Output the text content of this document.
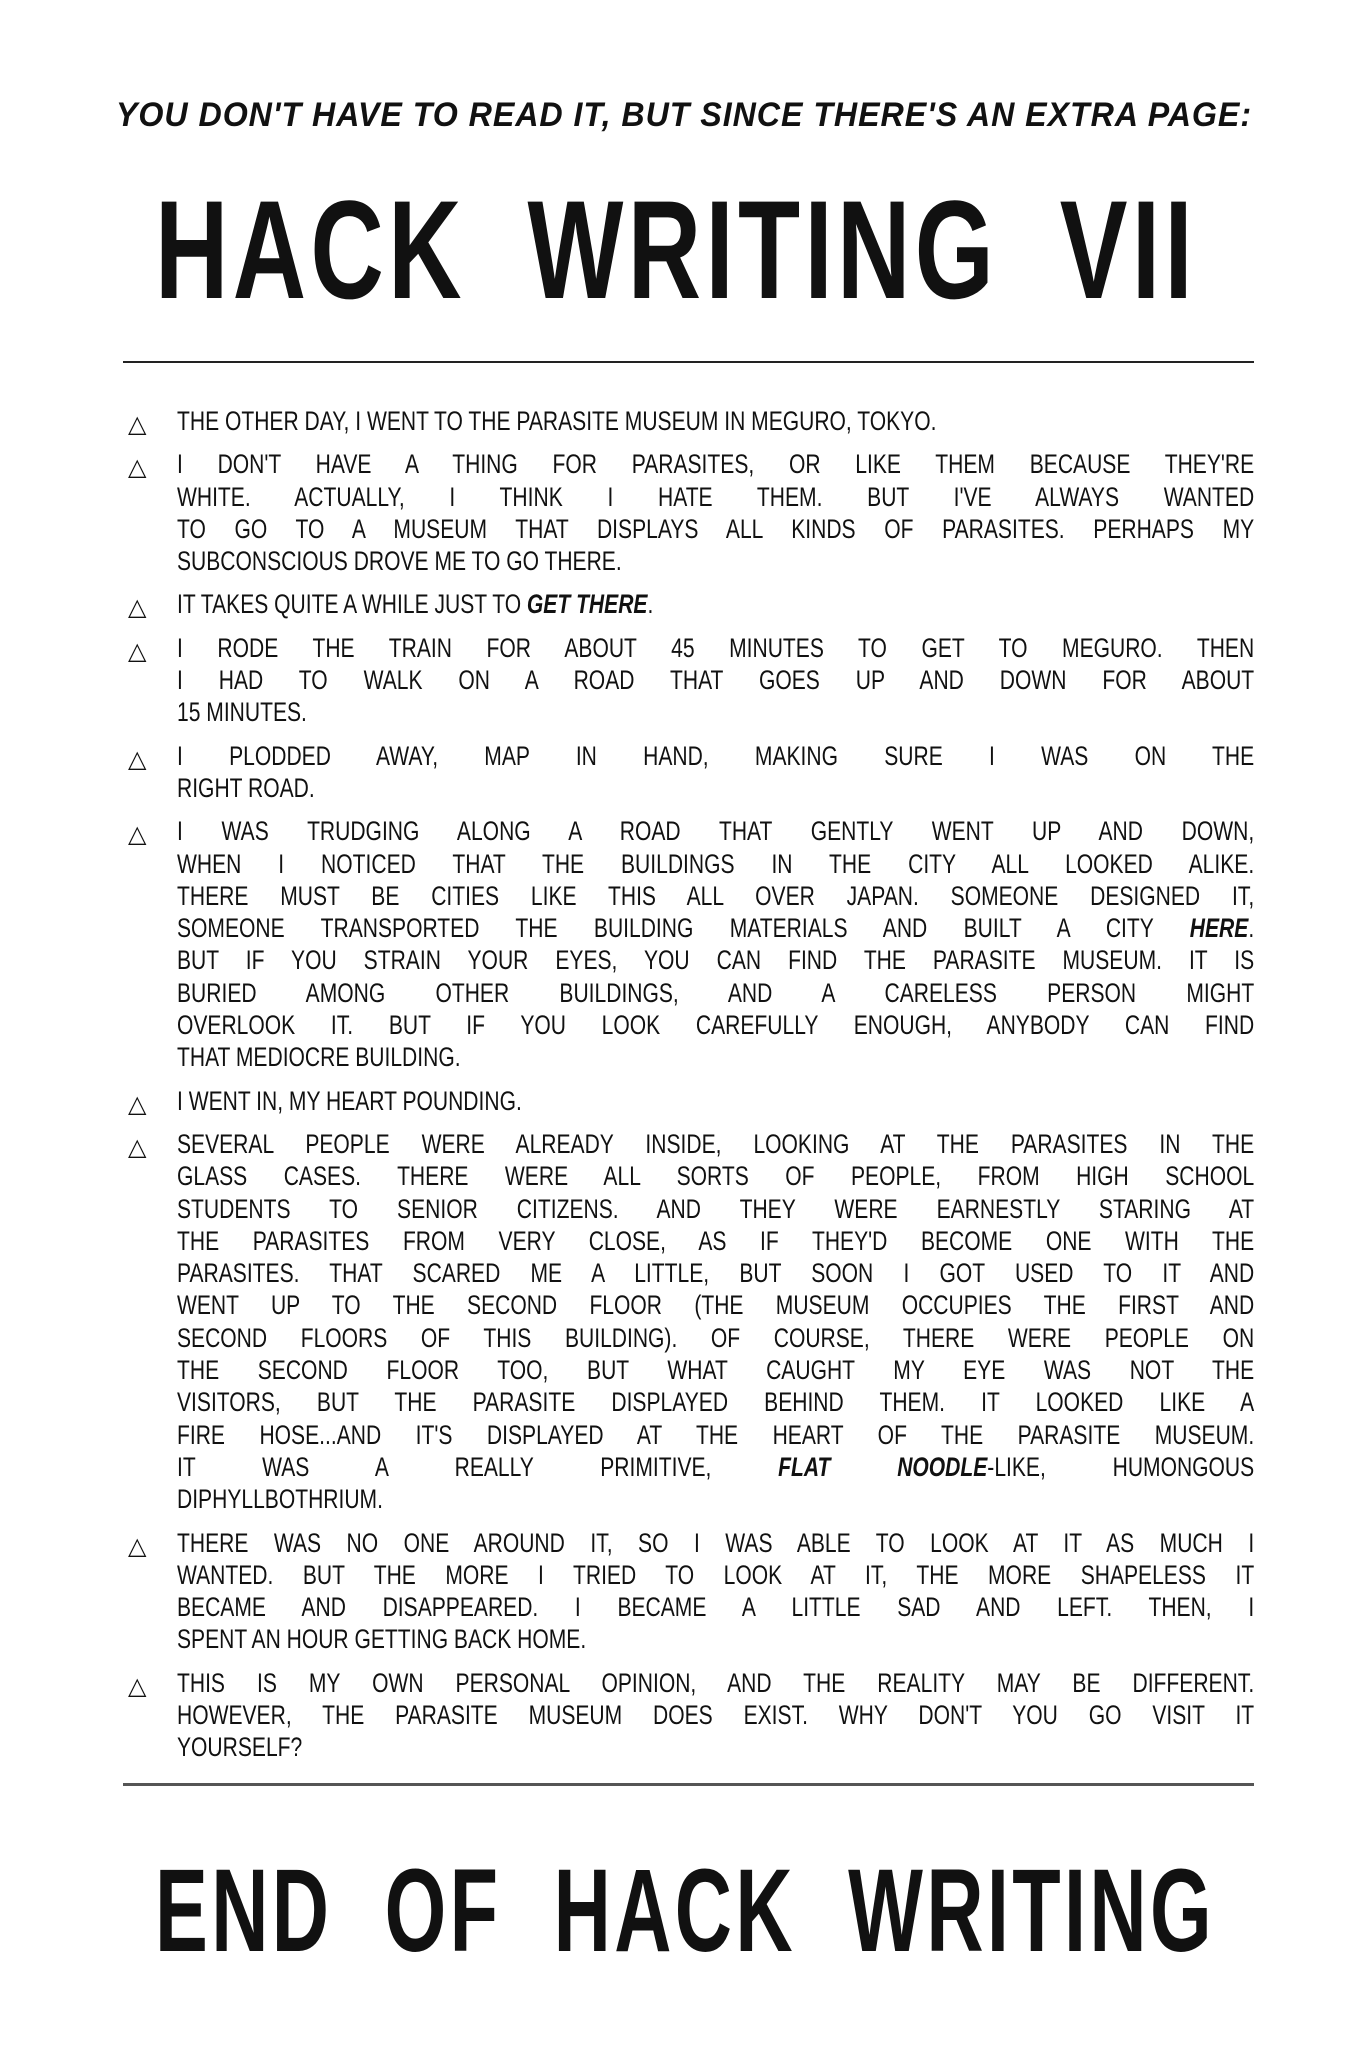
YOU DON'T HAVE TO READ IT, BUT SINCE THERE'S AN EXTRA PAGE:
HACK WRITING VII
△ THE OTHER DAY, I WENT TO THE PARASITE MUSEUM IN MEGURO, TOKYO.
△ I DON'T HAVE A THING FOR PARASITES, OR LIKE THEM BECAUSE THEY'RE
WHITE. ACTUALLY, I THINK I HATE THEM. BUT I'VE ALWAYS WANTED
TO GO TO A MUSEUM THAT DISPLAYS ALL KINDS OF PARASITES. PERHAPS MY
SUBCONSCIOUS DROVE ME TO GO THERE.
△ IT TAKES QUITE A WHILE JUST TO GET THERE.
△ I RODE THE TRAIN FOR ABOUT 45 MINUTES TO GET TO MEGURO. THEN
I HAD TO WALK ON A ROAD THAT GOES UP AND DOWN FOR ABOUT
15 MINUTES.
△ I PLODDED AWAY, MAP IN HAND, MAKING SURE I WAS ON THE
RIGHT ROAD.
△ I WAS TRUDGING ALONG A ROAD THAT GENTLY WENT UP AND DOWN,
WHEN I NOTICED THAT THE BUILDINGS IN THE CITY ALL LOOKED ALIKE.
THERE MUST BE CITIES LIKE THIS ALL OVER JAPAN. SOMEONE DESIGNED IT,
SOMEONE TRANSPORTED THE BUILDING MATERIALS AND BUILT A CITY HERE.
BUT IF YOU STRAIN YOUR EYES, YOU CAN FIND THE PARASITE MUSEUM. IT IS
BURIED AMONG OTHER BUILDINGS, AND A CARELESS PERSON MIGHT
OVERLOOK IT. BUT IF YOU LOOK CAREFULLY ENOUGH, ANYBODY CAN FIND
THAT MEDIOCRE BUILDING.
△ I WENT IN, MY HEART POUNDING.
△ SEVERAL PEOPLE WERE ALREADY INSIDE, LOOKING AT THE PARASITES IN THE
GLASS CASES. THERE WERE ALL SORTS OF PEOPLE, FROM HIGH SCHOOL
STUDENTS TO SENIOR CITIZENS. AND THEY WERE EARNESTLY STARING AT
THE PARASITES FROM VERY CLOSE, AS IF THEY'D BECOME ONE WITH THE
PARASITES. THAT SCARED ME A LITTLE, BUT SOON I GOT USED TO IT AND
WENT UP TO THE SECOND FLOOR (THE MUSEUM OCCUPIES THE FIRST AND
SECOND FLOORS OF THIS BUILDING). OF COURSE, THERE WERE PEOPLE ON
THE SECOND FLOOR TOO, BUT WHAT CAUGHT MY EYE WAS NOT THE
VISITORS, BUT THE PARASITE DISPLAYED BEHIND THEM. IT LOOKED LIKE A
FIRE HOSE...AND IT'S DISPLAYED AT THE HEART OF THE PARASITE MUSEUM.
IT WAS A REALLY PRIMITIVE, FLAT NOODLE-LIKE, HUMONGOUS
DIPHYLLBOTHRIUM.
△ THERE WAS NO ONE AROUND IT, SO I WAS ABLE TO LOOK AT IT AS MUCH I
WANTED. BUT THE MORE I TRIED TO LOOK AT IT, THE MORE SHAPELESS IT
BECAME AND DISAPPEARED. I BECAME A LITTLE SAD AND LEFT. THEN, I
SPENT AN HOUR GETTING BACK HOME.
△ THIS IS MY OWN PERSONAL OPINION, AND THE REALITY MAY BE DIFFERENT.
HOWEVER, THE PARASITE MUSEUM DOES EXIST. WHY DON'T YOU GO VISIT IT
YOURSELF?
END OF HACK WRITING
